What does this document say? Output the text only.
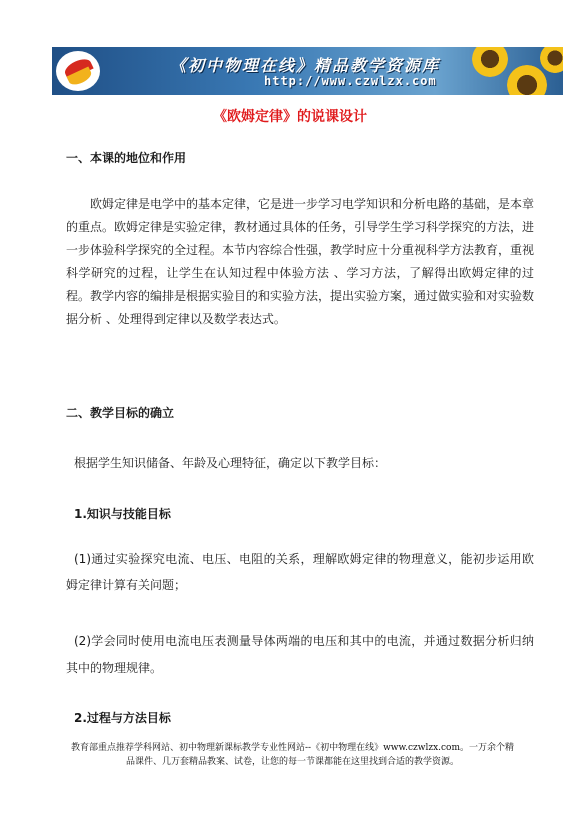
《初中物理在线》精品教学资源库
http://www.czwlzx.com
《欧姆定律》的说课设计
一、本课的地位和作用
欧姆定律是电学中的基本定律，它是进一步学习电学知识和分析电路的基础，是本章的重点。欧姆定律是实验定律，教材通过具体的任务，引导学生学习科学探究的方法，进一步体验科学探究的全过程。本节内容综合性强，教学时应十分重视科学方法教育，重视科学研究的过程，让学生在认知过程中体验方法 、学习方法，了解得出欧姆定律的过程。教学内容的编排是根据实验目的和实验方法，提出实验方案，通过做实验和对实验数据分析 、处理得到定律以及数学表达式。
二、教学目标的确立
根据学生知识储备、年龄及心理特征，确定以下教学目标：
1.知识与技能目标
(1)通过实验探究电流、电压、电阻的关系，理解欧姆定律的物理意义，能初步运用欧姆定律计算有关问题；
(2)学会同时使用电流电压表测量导体两端的电压和其中的电流，并通过数据分析归纳其中的物理规律。
2.过程与方法目标
教育部重点推荐学科网站、初中物理新课标教学专业性网站--《初中物理在线》www.czwlzx.com。一万余个精
品课件、几万套精品教案、试卷，让您的每一节课都能在这里找到合适的教学资源。
